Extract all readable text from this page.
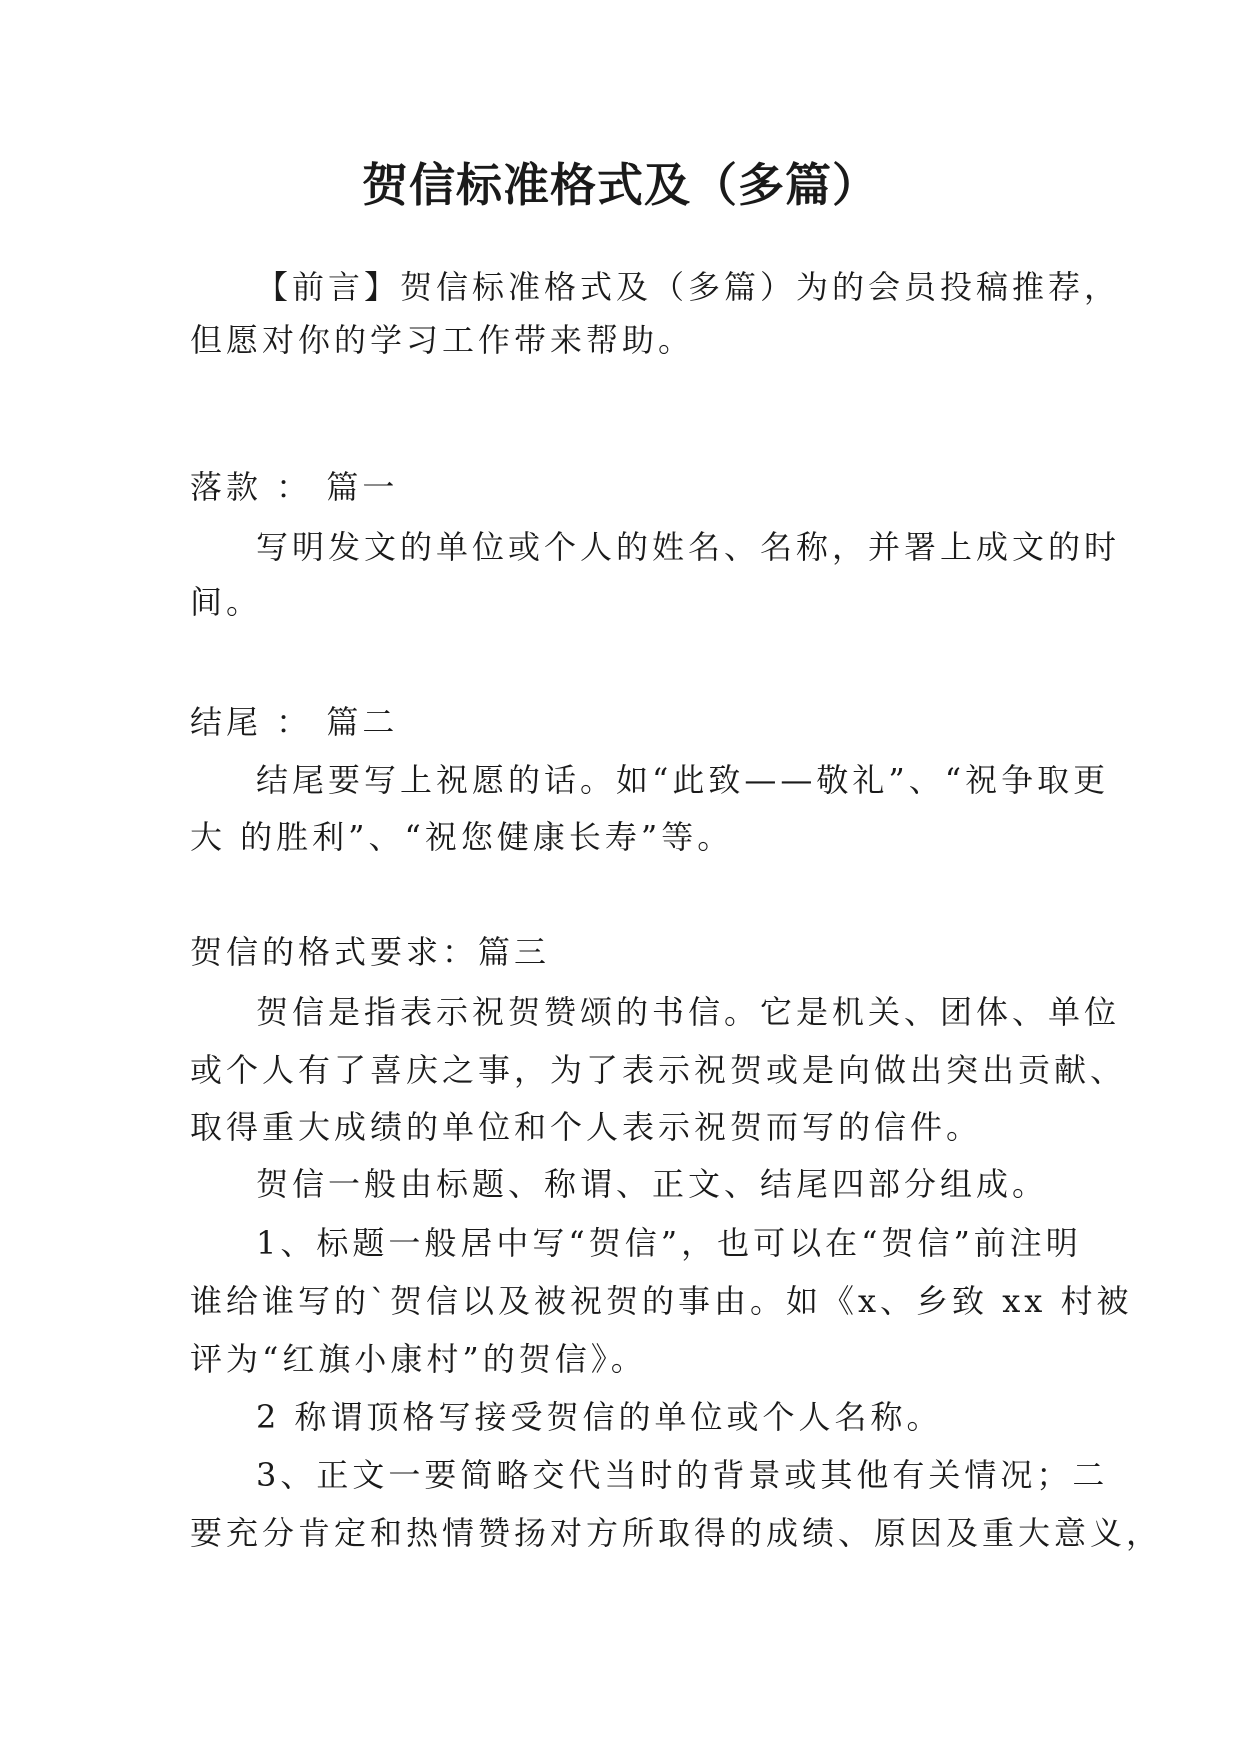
贺信标准格式及（多篇）

【前言】贺信标准格式及（多篇）为的会员投稿推荐，

但愿对你的学习工作带来帮助。

落款 ： 篇一

写明发文的单位或个人的姓名、名称，并署上成文的时

间。

结尾 ： 篇二

结尾要写上祝愿的话。如“此致——敬礼”、“祝争取更

大 的胜利”、“祝您健康长寿”等。

贺信的格式要求：篇三

贺信是指表示祝贺赞颂的书信。它是机关、团体、单位

或个人有了喜庆之事，为了表示祝贺或是向做出突出贡献、

取得重大成绩的单位和个人表示祝贺而写的信件。

贺信一般由标题、称谓、正文、结尾四部分组成。

1、标题一般居中写“贺信”，也可以在“贺信”前注明

谁给谁写的`贺信以及被祝贺的事由。如《x、乡致 xx 村被

评为“红旗小康村”的贺信》。

2 称谓顶格写接受贺信的单位或个人名称。

3、正文一要简略交代当时的背景或其他有关情况；二

要充分肯定和热情赞扬对方所取得的成绩、原因及重大意义，
